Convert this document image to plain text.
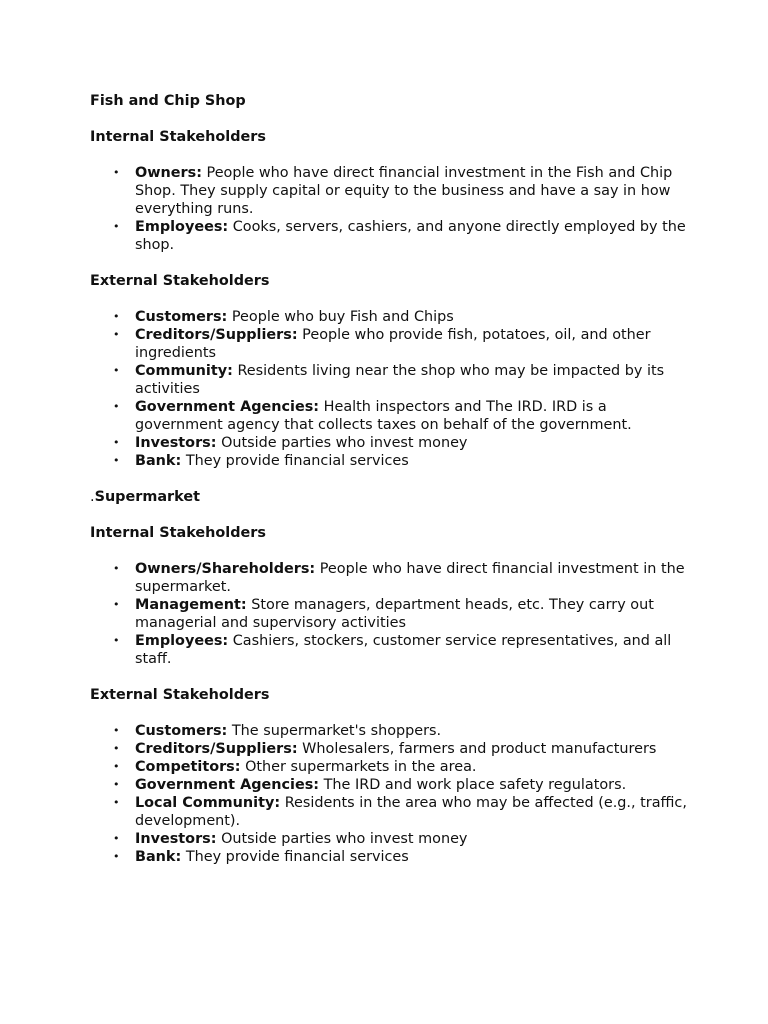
Fish and Chip Shop

Internal Stakeholders

• Owners: People who have direct financial investment in the Fish and Chip Shop. They supply capital or equity to the business and have a say in how everything runs.
• Employees: Cooks, servers, cashiers, and anyone directly employed by the shop.

External Stakeholders

• Customers: People who buy Fish and Chips
• Creditors/Suppliers: People who provide fish, potatoes, oil, and other ingredients
• Community: Residents living near the shop who may be impacted by its activities
• Government Agencies: Health inspectors and The IRD. IRD is a government agency that collects taxes on behalf of the government.
• Investors: Outside parties who invest money
• Bank: They provide financial services

.Supermarket

Internal Stakeholders

• Owners/Shareholders: People who have direct financial investment in the supermarket.
• Management: Store managers, department heads, etc. They carry out managerial and supervisory activities
• Employees: Cashiers, stockers, customer service representatives, and all staff.

External Stakeholders

• Customers: The supermarket's shoppers.
• Creditors/Suppliers: Wholesalers, farmers and product manufacturers
• Competitors: Other supermarkets in the area.
• Government Agencies: The IRD and work place safety regulators.
• Local Community: Residents in the area who may be affected (e.g., traffic, development).
• Investors: Outside parties who invest money
• Bank: They provide financial services
